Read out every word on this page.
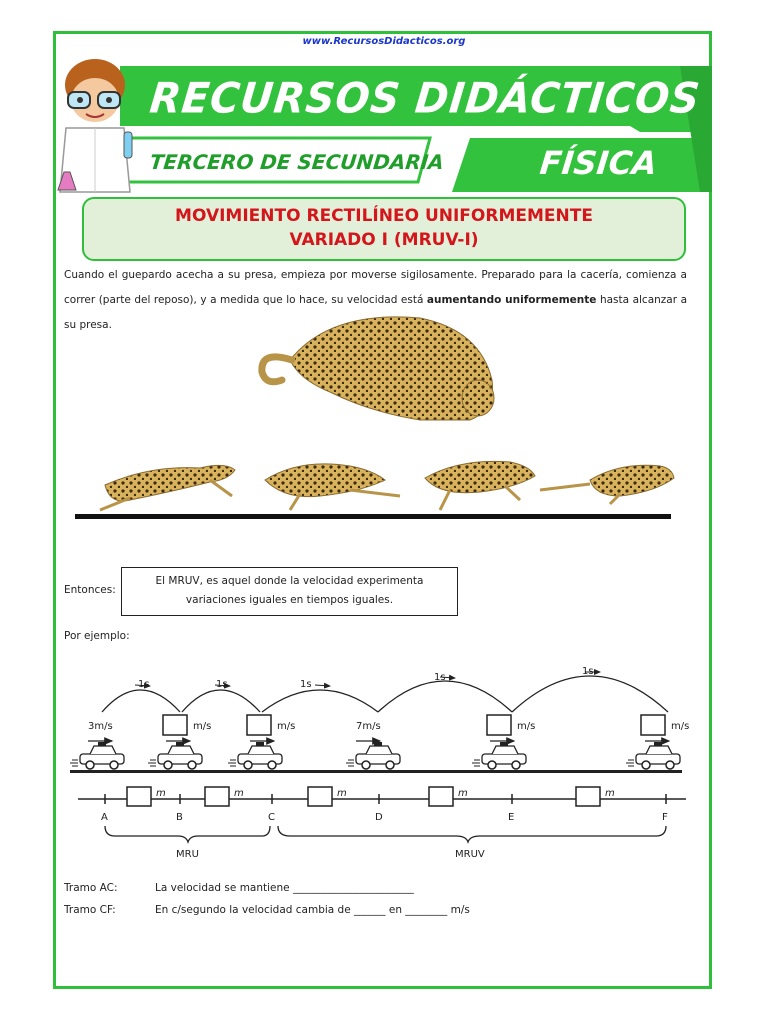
www.RecursosDidacticos.org
RECURSOS DIDÁCTICOS
TERCERO DE SECUNDARIA	FÍSICA
MOVIMIENTO RECTILÍNEO UNIFORMEMENTE
VARIADO I (MRUV-I)
Cuando el guepardo acecha a su presa, empieza por moverse sigilosamente. Preparado para la cacería, comienza a correr (parte del reposo), y a medida que lo hace, su velocidad está aumentando uniformemente hasta alcanzar a su presa.
Entonces:
El MRUV, es aquel donde la velocidad experimenta
variaciones iguales en tiempos iguales.
Por ejemplo:
1s	1s	1s
1s
1s
3m/s	m/s	m/s	7m/s	m/s	m/s
m	m	m	m	m
A	B	C	D	E	F
MRU	MRUV
Tramo AC:	La velocidad se mantiene _______________________
Tramo CF:	En c/segundo la velocidad cambia de ______ en ________ m/s
